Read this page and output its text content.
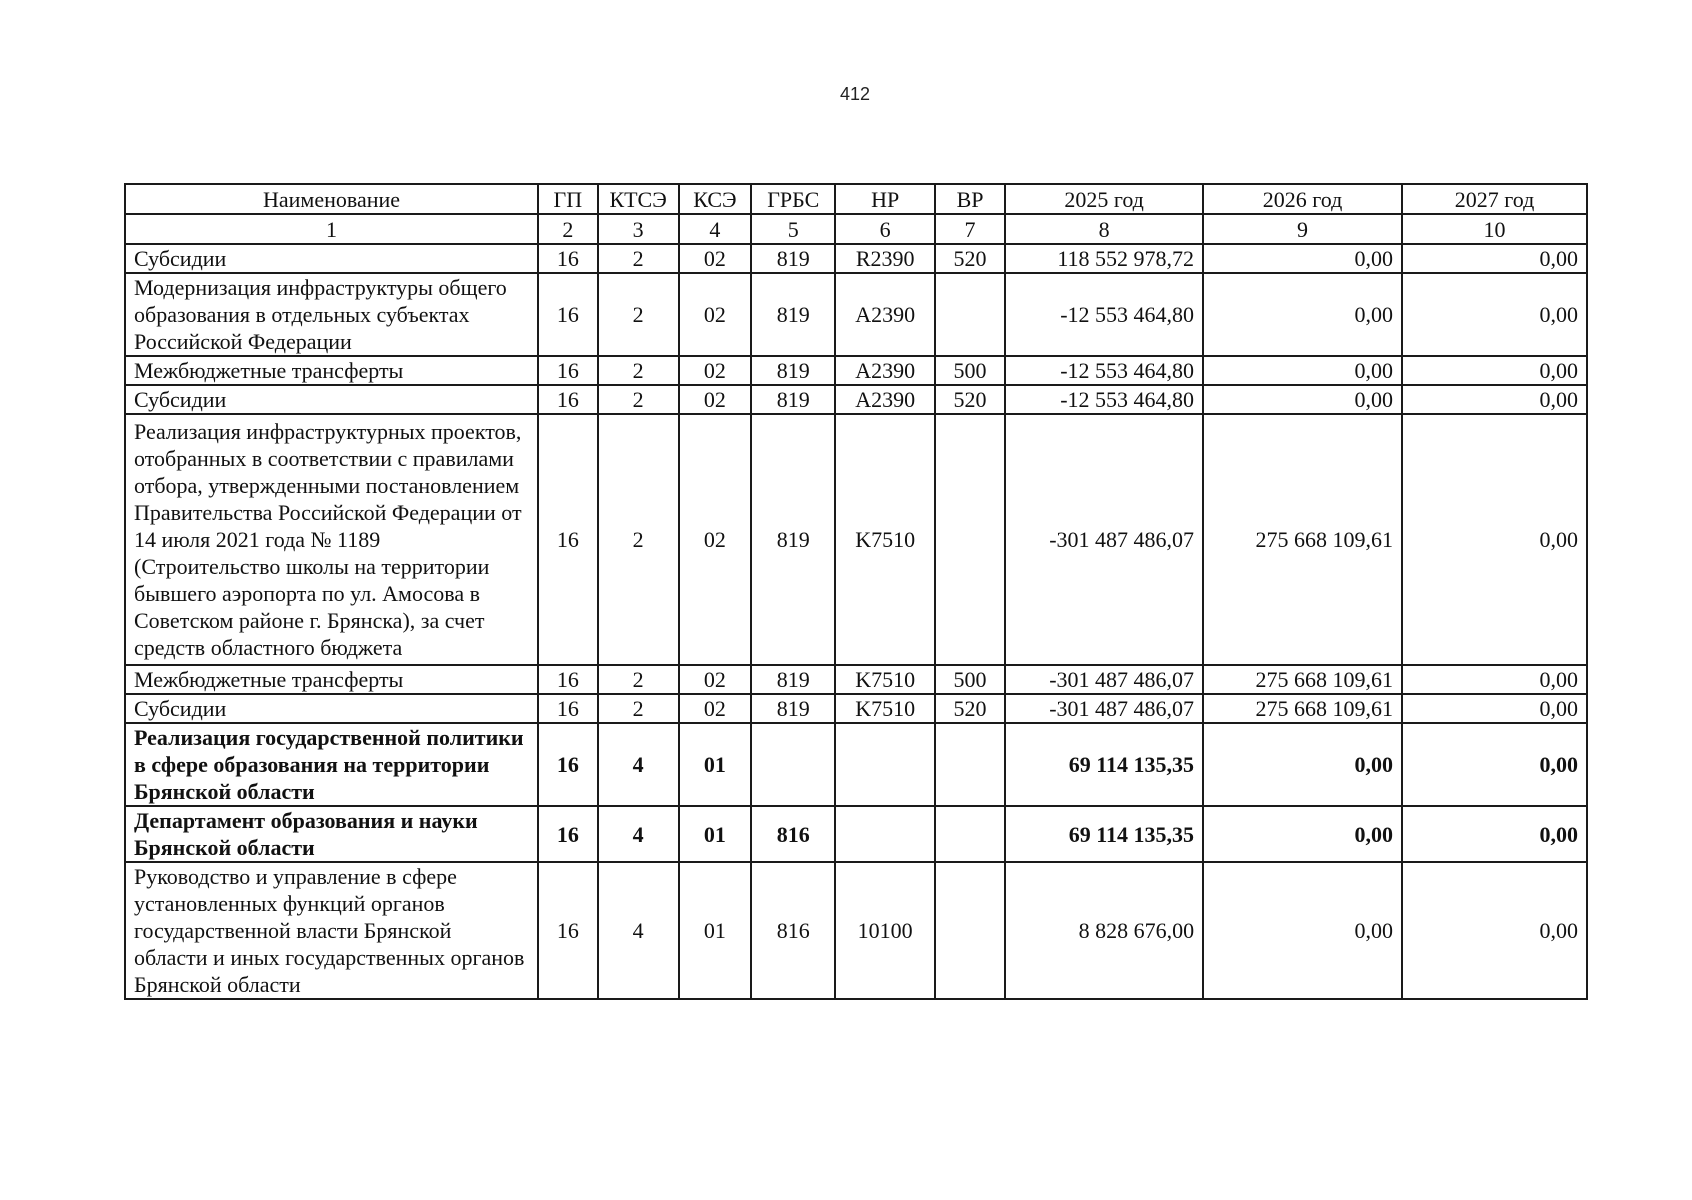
412
Наименование	ГП	КТСЭ	КСЭ	ГРБС	НР	ВР	2025 год	2026 год	2027 год
1	2	3	4	5	6	7	8	9	10
Субсидии	16	2	02	819	R2390	520	118 552 978,72	0,00	0,00
Модернизация инфраструктуры общего образования в отдельных субъектах Российской Федерации	16	2	02	819	A2390		-12 553 464,80	0,00	0,00
Межбюджетные трансферты	16	2	02	819	A2390	500	-12 553 464,80	0,00	0,00
Субсидии	16	2	02	819	A2390	520	-12 553 464,80	0,00	0,00
Реализация инфраструктурных проектов, отобранных в соответствии с правилами отбора, утвержденными постановлением Правительства Российской Федерации от 14 июля 2021 года № 1189 (Строительство школы на территории бывшего аэропорта по ул. Амосова в Советском районе г. Брянска), за счет средств областного бюджета	16	2	02	819	K7510		-301 487 486,07	275 668 109,61	0,00
Межбюджетные трансферты	16	2	02	819	K7510	500	-301 487 486,07	275 668 109,61	0,00
Субсидии	16	2	02	819	K7510	520	-301 487 486,07	275 668 109,61	0,00
Реализация государственной политики в сфере образования на территории Брянской области	16	4	01				69 114 135,35	0,00	0,00
Департамент образования и науки Брянской области	16	4	01	816			69 114 135,35	0,00	0,00
Руководство и управление в сфере установленных функций органов государственной власти Брянской области и иных государственных органов Брянской области	16	4	01	816	10100		8 828 676,00	0,00	0,00
